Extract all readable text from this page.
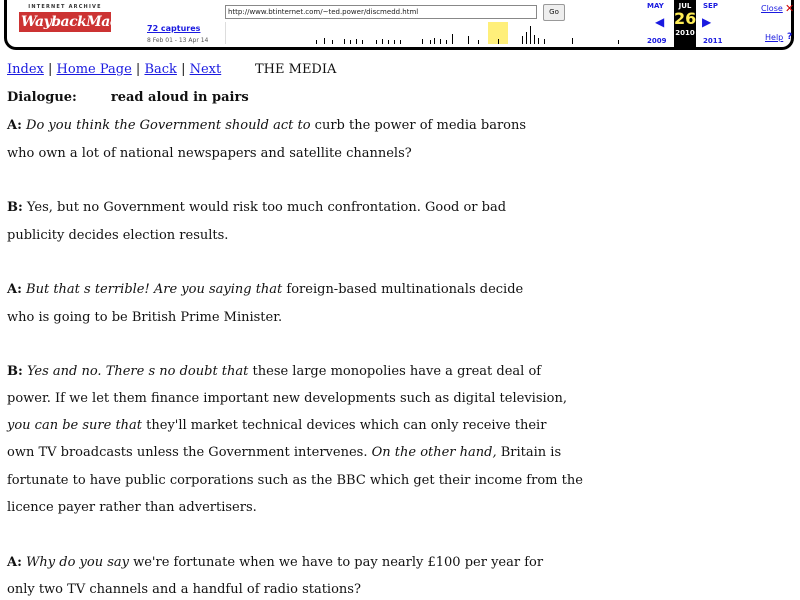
INTERNET ARCHIVE
WaybackMachine
72 captures
8 Feb 01 - 13 Apr 14
http://www.btinternet.com/~ted.power/discmedd.html	Go
MAY
◀
2009
JUL
26
2010
SEP
▶
2011
Close ✕
Help ?
Index | Home Page | Back | Next	THE MEDIA
Dialogue:	read aloud in pairs
A: Do you think the Government should act to curb the power of media barons
who own a lot of national newspapers and satellite channels?
B: Yes, but no Government would risk too much confrontation. Good or bad
publicity decides election results.
A: But that s terrible! Are you saying that foreign-based multinationals decide
who is going to be British Prime Minister.
B: Yes and no. There s no doubt that these large monopolies have a great deal of
power. If we let them finance important new developments such as digital television,
you can be sure that they'll market technical devices which can only receive their
own TV broadcasts unless the Government intervenes. On the other hand, Britain is
fortunate to have public corporations such as the BBC which get their income from the
licence payer rather than advertisers.
A: Why do you say we're fortunate when we have to pay nearly £100 per year for
only two TV channels and a handful of radio stations?
